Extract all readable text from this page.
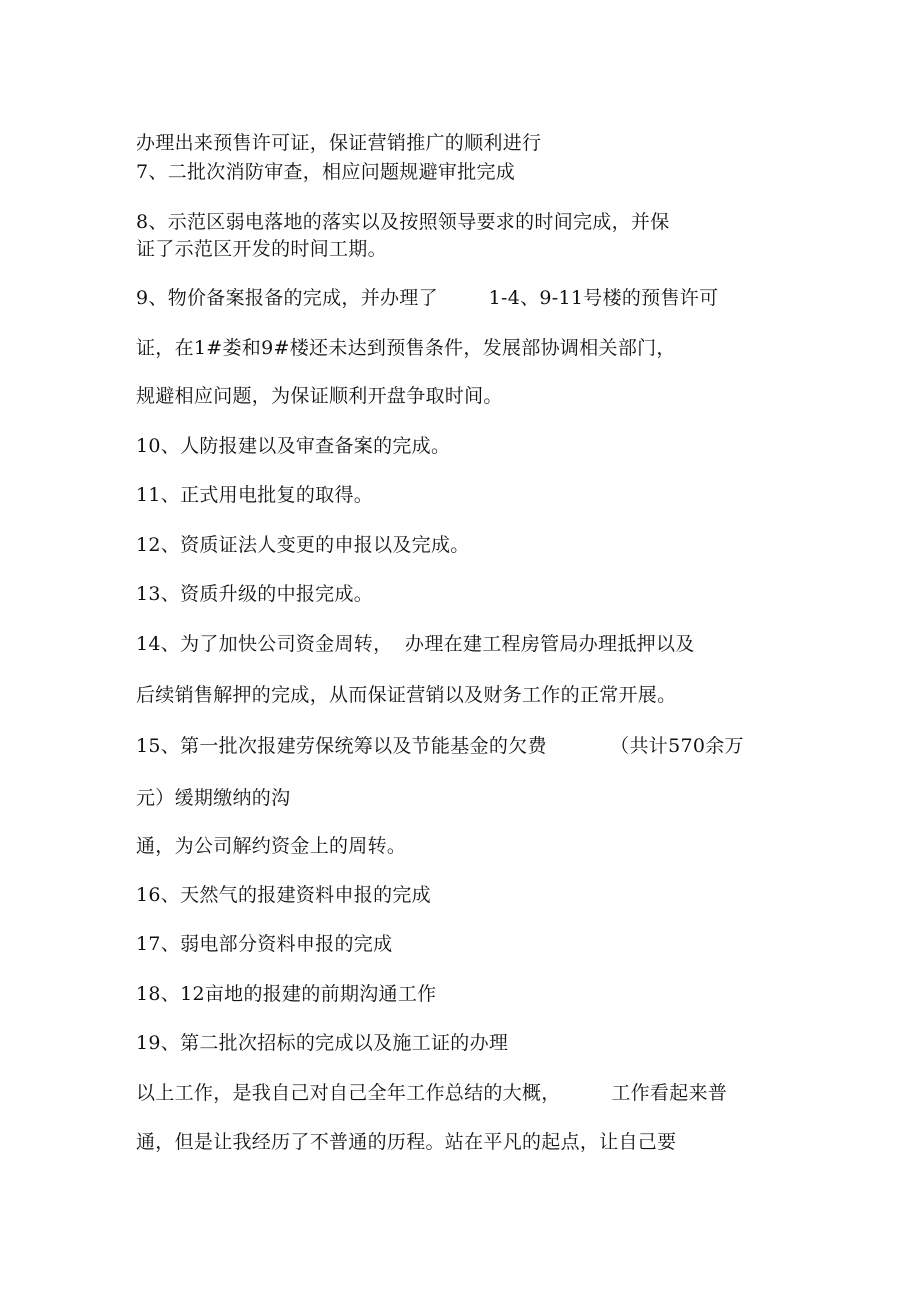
办理出来预售许可证，保证营销推广的顺利进行
7、二批次消防审查，相应问题规避审批完成
8、示范区弱电落地的落实以及按照领导要求的时间完成，并保
证了示范区开发的时间工期。
9、物价备案报备的完成，并办理了        1-4、9-11号楼的预售许可
证，在1#娄和9#楼还未达到预售条件，发展部协调相关部门，
规避相应问题，为保证顺利开盘争取时间。
10、人防报建以及审查备案的完成。
11、正式用电批复的取得。
12、资质证法人变更的申报以及完成。
13、资质升级的中报完成。
14、为了加快公司资金周转，  办理在建工程房管局办理抵押以及
后续销售解押的完成，从而保证营销以及财务工作的正常开展。
15、第一批次报建劳保统筹以及节能基金的欠费          （共计570余万
元）缓期缴纳的沟
通，为公司解约资金上的周转。
16、天然气的报建资料申报的完成
17、弱电部分资料申报的完成
18、12亩地的报建的前期沟通工作
19、第二批次招标的完成以及施工证的办理
以上工作，是我自己对自己全年工作总结的大概，        工作看起来普
通，但是让我经历了不普通的历程。站在平凡的起点，让自己要
